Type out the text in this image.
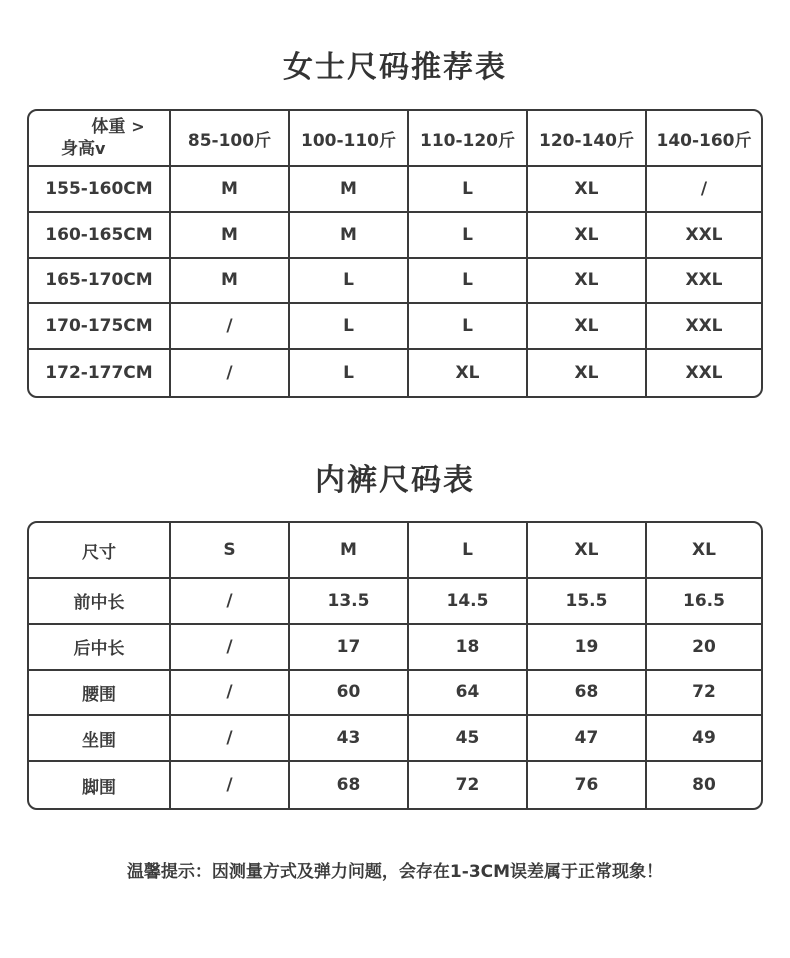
女士尺码推荐表
体重 >
身高v	85-100斤	100-110斤	110-120斤	120-140斤	140-160斤
155-160CM	M	M	L	XL	/
160-165CM	M	M	L	XL	XXL
165-170CM	M	L	L	XL	XXL
170-175CM	/	L	L	XL	XXL
172-177CM	/	L	XL	XL	XXL
内裤尺码表
尺寸	S	M	L	XL	XL
前中长	/	13.5	14.5	15.5	16.5
后中长	/	17	18	19	20
腰围	/	60	64	68	72
坐围	/	43	45	47	49
脚围	/	68	72	76	80
温馨提示：因测量方式及弹力问题，会存在1-3CM误差属于正常现象！
